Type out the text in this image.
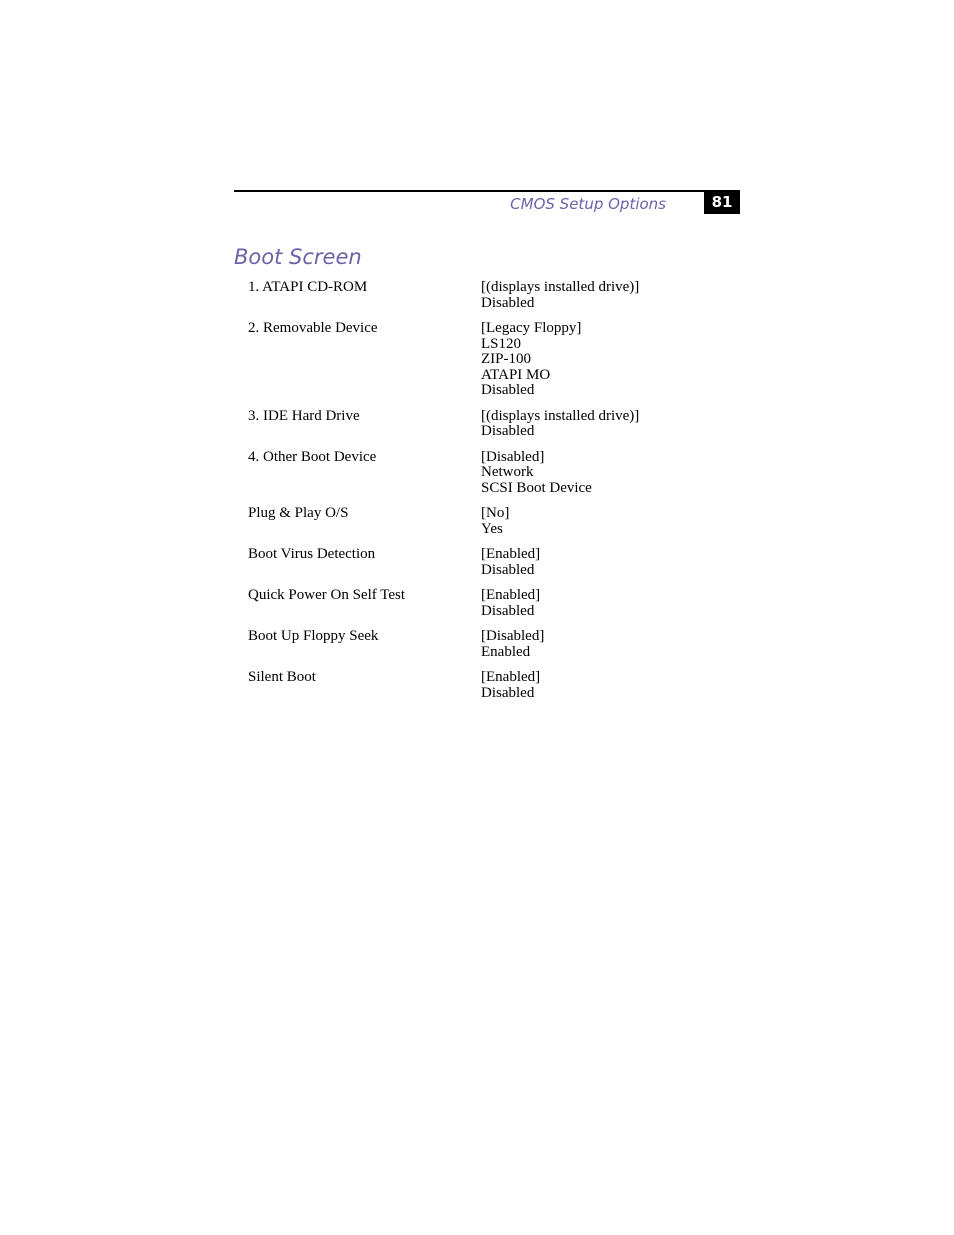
CMOS Setup Options	81
Boot Screen
1. ATAPI CD-ROM	[(displays installed drive)]
Disabled
2. Removable Device	[Legacy Floppy]
LS120
ZIP-100
ATAPI MO
Disabled
3. IDE Hard Drive	[(displays installed drive)]
Disabled
4. Other Boot Device	[Disabled]
Network
SCSI Boot Device
Plug & Play O/S	[No]
Yes
Boot Virus Detection	[Enabled]
Disabled
Quick Power On Self Test	[Enabled]
Disabled
Boot Up Floppy Seek	[Disabled]
Enabled
Silent Boot	[Enabled]
Disabled
